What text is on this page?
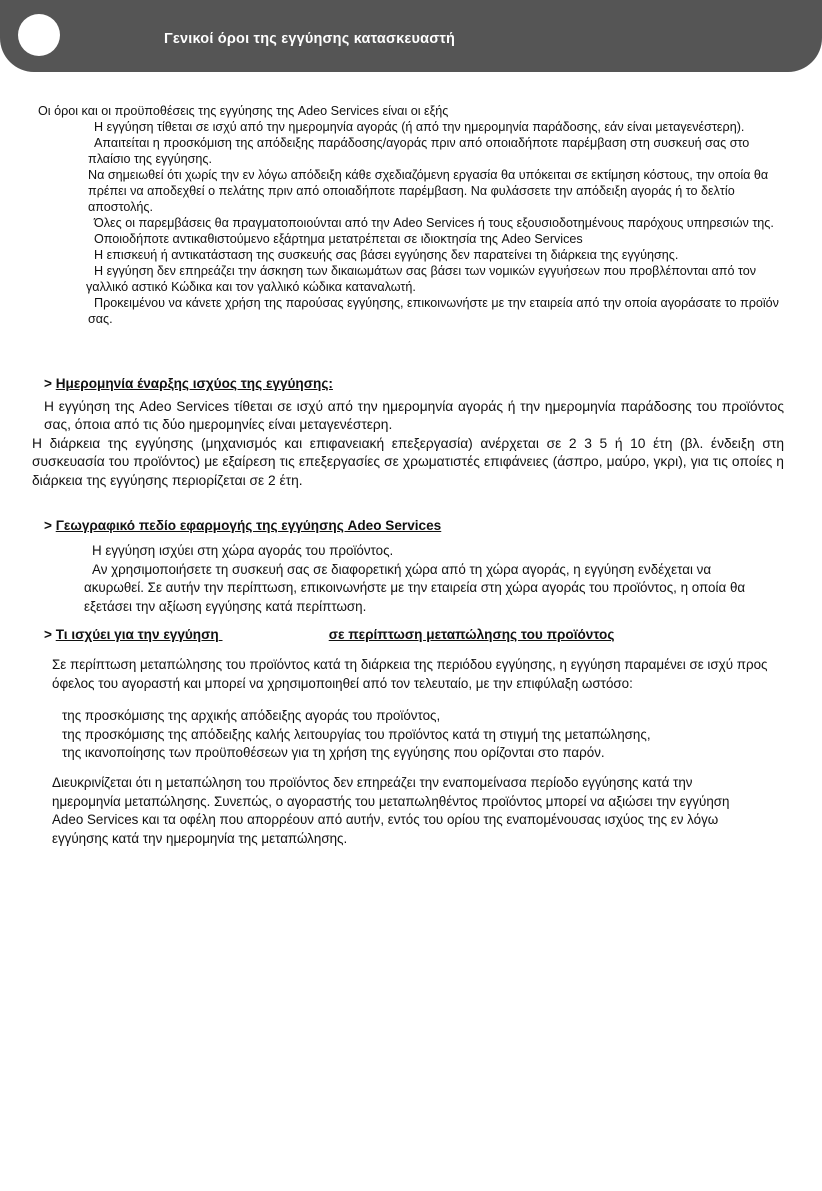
Γενικοί όροι της εγγύησης κατασκευαστή

Οι όροι και οι προϋποθέσεις της εγγύησης της Adeo Services είναι οι εξής

Η εγγύηση τίθεται σε ισχύ από την ημερομηνία αγοράς (ή από την ημερομηνία παράδοσης, εάν είναι μεταγενέστερη).

Απαιτείται η προσκόμιση της απόδειξης παράδοσης/αγοράς πριν από οποιαδήποτε παρέμβαση στη συσκευή σας στο πλαίσιο της εγγύησης.

Να σημειωθεί ότι χωρίς την εν λόγω απόδειξη κάθε σχεδιαζόμενη εργασία θα υπόκειται σε εκτίμηση κόστους, την οποία θα πρέπει να αποδεχθεί ο πελάτης πριν από οποιαδήποτε παρέμβαση. Να φυλάσσετε την απόδειξη αγοράς ή το δελτίο αποστολής.

Όλες οι παρεμβάσεις θα πραγματοποιούνται από την Adeo Services ή τους εξουσιοδοτημένους παρόχους υπηρεσιών της.

Οποιοδήποτε αντικαθιστούμενο εξάρτημα μετατρέπεται σε ιδιοκτησία της Adeo Services

Η επισκευή ή αντικατάσταση της συσκευής σας βάσει εγγύησης δεν παρατείνει τη διάρκεια της εγγύησης.

Η εγγύηση δεν επηρεάζει την άσκηση των δικαιωμάτων σας βάσει των νομικών εγγυήσεων που προβλέπονται από τον γαλλικό αστικό Κώδικα και τον γαλλικό κώδικα καταναλωτή.

Προκειμένου να κάνετε χρήση της παρούσας εγγύησης, επικοινωνήστε με την εταιρεία από την οποία αγοράσατε το προϊόν σας.

> Ημερομηνία έναρξης ισχύος της εγγύησης:

Η εγγύηση της Adeo Services τίθεται σε ισχύ από την ημερομηνία αγοράς ή την ημερομηνία παράδοσης του προϊόντος σας, όποια από τις δύο ημερομηνίες είναι μεταγενέστερη.

Η διάρκεια της εγγύησης (μηχανισμός και επιφανειακή επεξεργασία) ανέρχεται σε 2 3 5 ή 10 έτη (βλ. ένδειξη στη συσκευασία του προϊόντος) με εξαίρεση τις επεξεργασίες σε χρωματιστές επιφάνειες (άσπρο, μαύρο, γκρι), για τις οποίες η διάρκεια της εγγύησης περιορίζεται σε 2 έτη.

> Γεωγραφικό πεδίο εφαρμογής της εγγύησης Adeo Services

Η εγγύηση ισχύει στη χώρα αγοράς του προϊόντος.

Αν χρησιμοποιήσετε τη συσκευή σας σε διαφορετική χώρα από τη χώρα αγοράς, η εγγύηση ενδέχεται να ακυρωθεί. Σε αυτήν την περίπτωση, επικοινωνήστε με την εταιρεία στη χώρα αγοράς του προϊόντος, η οποία θα εξετάσει την αξίωση εγγύησης κατά περίπτωση.

> Τι ισχύει για την εγγύηση	σε περίπτωση μεταπώλησης του προϊόντος

Σε περίπτωση μεταπώλησης του προϊόντος κατά τη διάρκεια της περιόδου εγγύησης, η εγγύηση παραμένει σε ισχύ προς όφελος του αγοραστή και μπορεί να χρησιμοποιηθεί από τον τελευταίο, με την επιφύλαξη ωστόσο:

της προσκόμισης της αρχικής απόδειξης αγοράς του προϊόντος,

της προσκόμισης της απόδειξης καλής λειτουργίας του προϊόντος κατά τη στιγμή της μεταπώλησης,

της ικανοποίησης των προϋποθέσεων για τη χρήση της εγγύησης που ορίζονται στο παρόν.

Διευκρινίζεται ότι η μεταπώληση του προϊόντος δεν επηρεάζει την εναπομείνασα περίοδο εγγύησης κατά την ημερομηνία μεταπώλησης. Συνεπώς, ο αγοραστής του μεταπωληθέντος προϊόντος μπορεί να αξιώσει την εγγύηση Adeo Services και τα οφέλη που απορρέουν από αυτήν, εντός του ορίου της εναπομένουσας ισχύος της εν λόγω εγγύησης κατά την ημερομηνία της μεταπώλησης.
